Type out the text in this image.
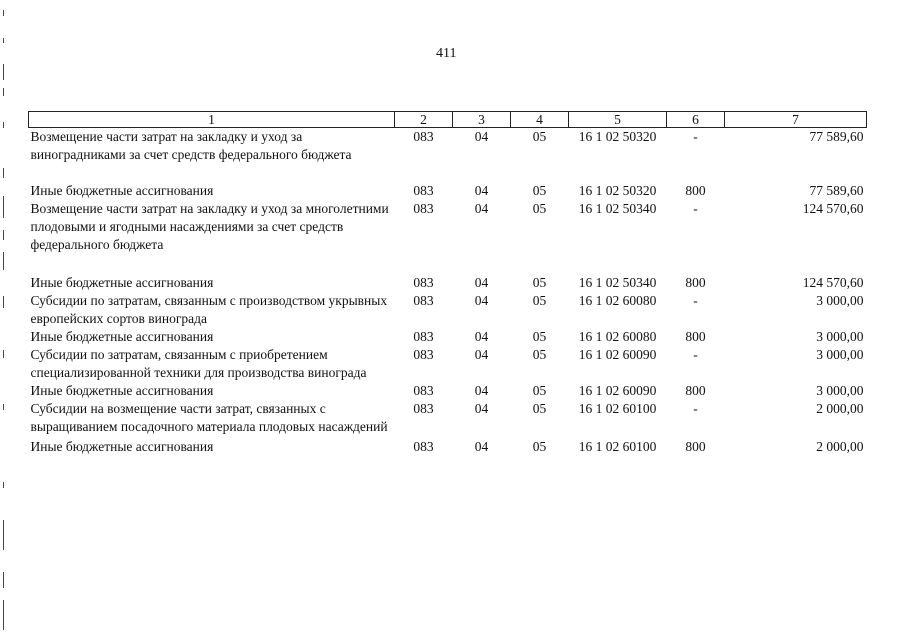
411
1	2	3	4	5	6	7
Возмещение части затрат на закладку и уход за виноградниками за счет средств федерального бюджета	083	04	05	16 1 02 50320	-	77 589,60
Иные бюджетные ассигнования	083	04	05	16 1 02 50320	800	77 589,60
Возмещение части затрат на закладку и уход за многолетними плодовыми и ягодными насаждениями за счет средств федерального бюджета	083	04	05	16 1 02 50340	-	124 570,60
Иные бюджетные ассигнования	083	04	05	16 1 02 50340	800	124 570,60
Субсидии по затратам, связанным с производством укрывных европейских сортов винограда	083	04	05	16 1 02 60080	-	3 000,00
Иные бюджетные ассигнования	083	04	05	16 1 02 60080	800	3 000,00
Субсидии по затратам, связанным с приобретением специализированной техники для производства винограда	083	04	05	16 1 02 60090	-	3 000,00
Иные бюджетные ассигнования	083	04	05	16 1 02 60090	800	3 000,00
Субсидии на возмещение части затрат, связанных с выращиванием посадочного материала плодовых насаждений	083	04	05	16 1 02 60100	-	2 000,00
Иные бюджетные ассигнования	083	04	05	16 1 02 60100	800	2 000,00
